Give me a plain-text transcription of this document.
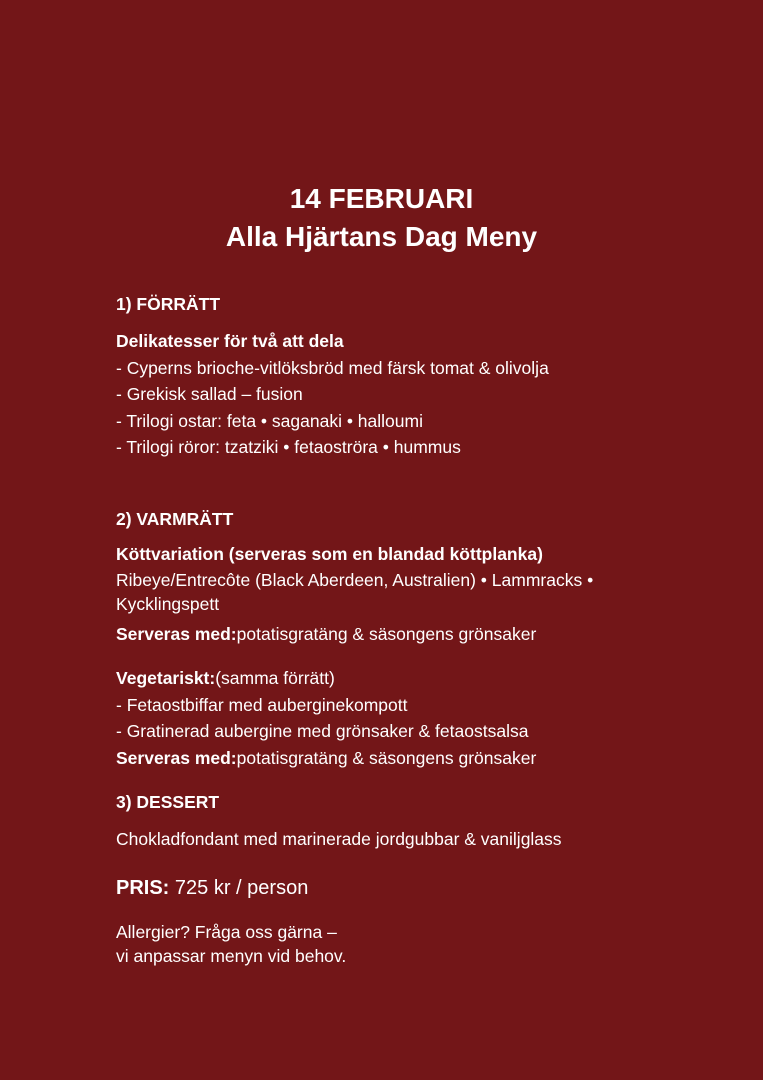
14 FEBRUARI
Alla Hjärtans Dag Meny
1) FÖRRÄTT
Delikatesser för två att dela
- Cyperns brioche-vitlöksbröd med färsk tomat & olivolja
- Grekisk sallad – fusion
- Trilogi ostar: feta • saganaki • halloumi
- Trilogi röror: tzatziki • fetaoströra • hummus
2) VARMRÄTT
Köttvariation (serveras som en blandad köttplanka)
Ribeye/Entrecôte (Black Aberdeen, Australien) • Lammracks • Kycklingspett
Serveras med:potatisgratäng & säsongens grönsaker
Vegetariskt:(samma förrätt)
- Fetaostbiffar med auberginekompott
- Gratinerad aubergine med grönsaker & fetaostsalsa
Serveras med:potatisgratäng & säsongens grönsaker
3) DESSERT
Chokladfondant med marinerade jordgubbar & vaniljglass
PRIS: 725 kr / person
Allergier? Fråga oss gärna –
vi anpassar menyn vid behov.
